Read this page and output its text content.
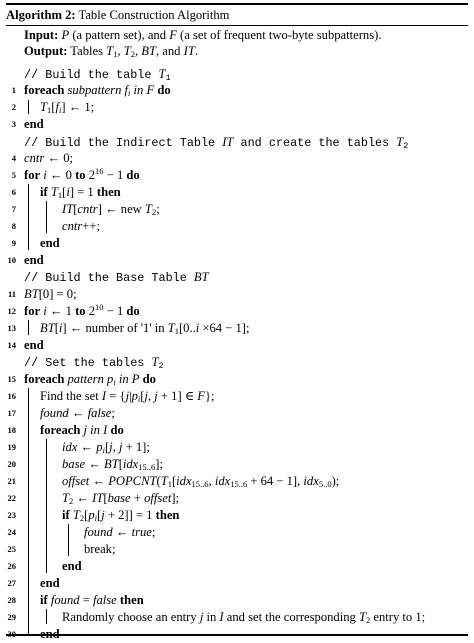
Algorithm 2: Table Construction Algorithm
Input: P (a pattern set), and F (a set of frequent two-byte subpatterns).
Output: Tables $T_1$, $T_2$, BT, and IT.
// Build the table $T_1$
1 foreach subpattern $f_i$ in F do
2 $T_1[f_i]$ ← 1;
3 end
// Build the Indirect Table IT and create the tables $T_2$
4 cntr ← 0;
5 for i ← 0 to $2^{16} - 1$ do
6 if $T_1[i] = 1$ then
7	IT[cntr] ← new $T_2$;
8	cntr++;
9 end
10 end
// Build the Base Table BT
11 BT[0] = 0;
12 for i ← 1 to $2^{10} - 1$ do
13 BT[i] ← number of '1' in $T_1[0..i \times 64 - 1]$;
14 end
// Set the tables $T_2$
15 foreach pattern $p_i$ in P do
16 Find the set $I = \{j|p_i[j$, j + 1] ∈ F};
17 found ← false;
18 foreach j in I do
19	idx ← $p_i[j$, j + 1];
20	base ← BT[idx$_{15..6}$];
21	offset ← $POPCNT(T_1[idx_{15..6}$, idx$_{15..6}$ + 64 − 1], idx$_{5..0}$);
22	$T_2$ ← IT[base + offset];
23	if $T_2[p_i[j + 2]] = 1$ then
24	found ← true;
25	break;
26	end
27 end
28 if found = false then
29	Randomly choose an entry j in I and set the corresponding $T_2$ entry to 1;
